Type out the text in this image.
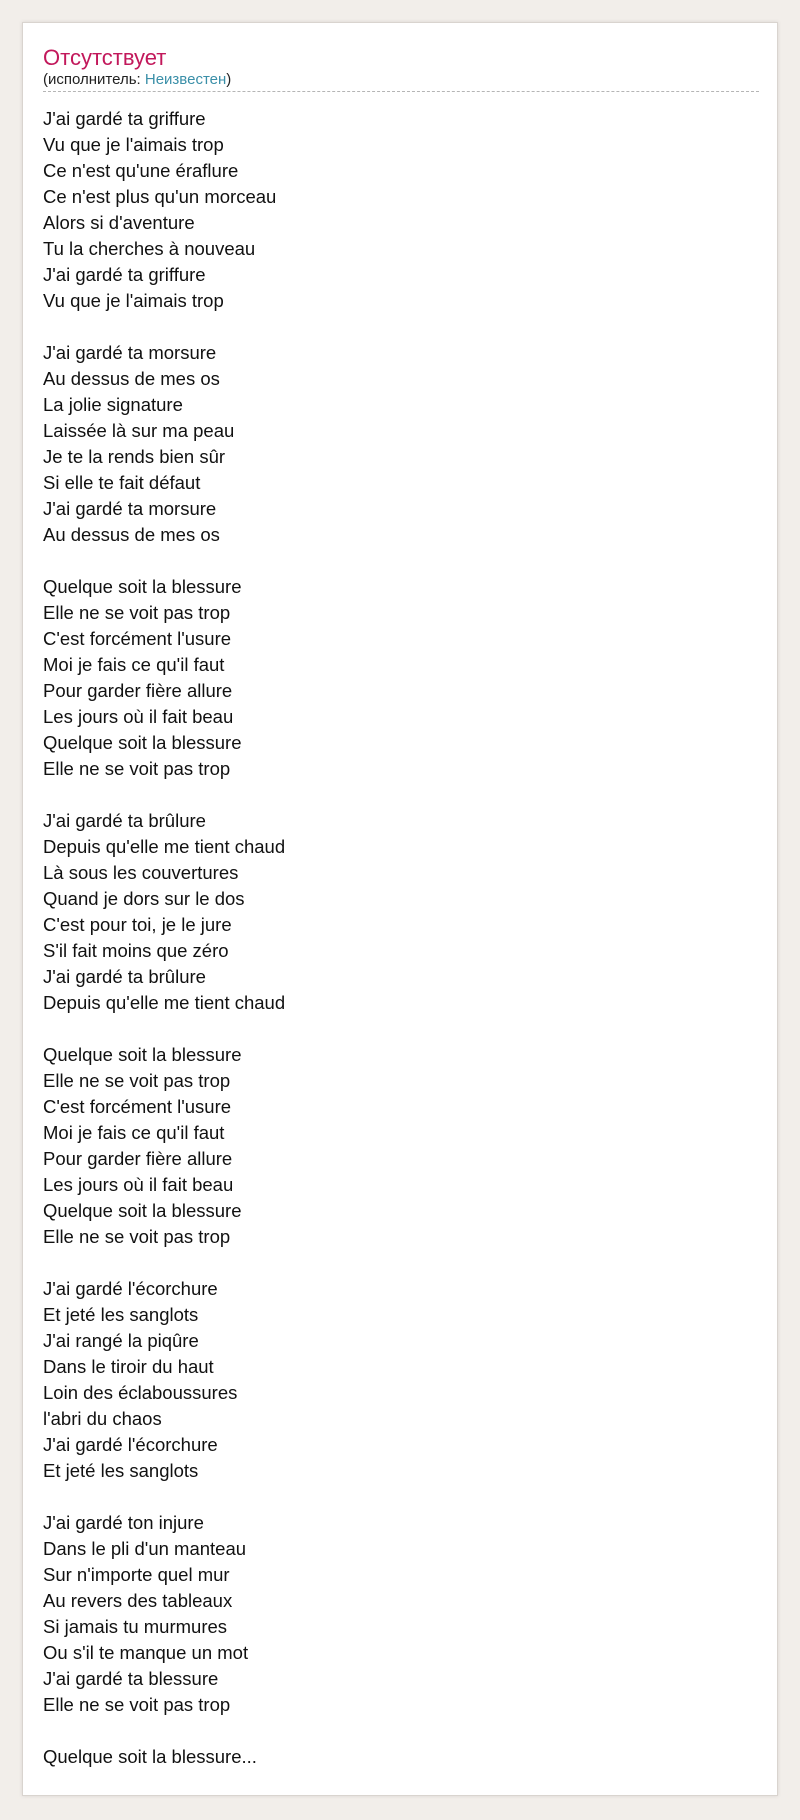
Отсутствует
(исполнитель: Неизвестен)
J'ai gardé ta griffure
Vu que je l'aimais trop
Ce n'est qu'une éraflure
Ce n'est plus qu'un morceau
Alors si d'aventure
Tu la cherches à nouveau
J'ai gardé ta griffure
Vu que je l'aimais trop
J'ai gardé ta morsure
Au dessus de mes os
La jolie signature
Laissée là sur ma peau
Je te la rends bien sûr
Si elle te fait défaut
J'ai gardé ta morsure
Au dessus de mes os
Quelque soit la blessure
Elle ne se voit pas trop
C'est forcément l'usure
Moi je fais ce qu'il faut
Pour garder fière allure
Les jours où il fait beau
Quelque soit la blessure
Elle ne se voit pas trop
J'ai gardé ta brûlure
Depuis qu'elle me tient chaud
Là sous les couvertures
Quand je dors sur le dos
C'est pour toi, je le jure
S'il fait moins que zéro
J'ai gardé ta brûlure
Depuis qu'elle me tient chaud
Quelque soit la blessure
Elle ne se voit pas trop
C'est forcément l'usure
Moi je fais ce qu'il faut
Pour garder fière allure
Les jours où il fait beau
Quelque soit la blessure
Elle ne se voit pas trop
J'ai gardé l'écorchure
Et jeté les sanglots
J'ai rangé la piqûre
Dans le tiroir du haut
Loin des éclaboussures
l'abri du chaos
J'ai gardé l'écorchure
Et jeté les sanglots
J'ai gardé ton injure
Dans le pli d'un manteau
Sur n'importe quel mur
Au revers des tableaux
Si jamais tu murmures
Ou s'il te manque un mot
J'ai gardé ta blessure
Elle ne se voit pas trop
Quelque soit la blessure...
